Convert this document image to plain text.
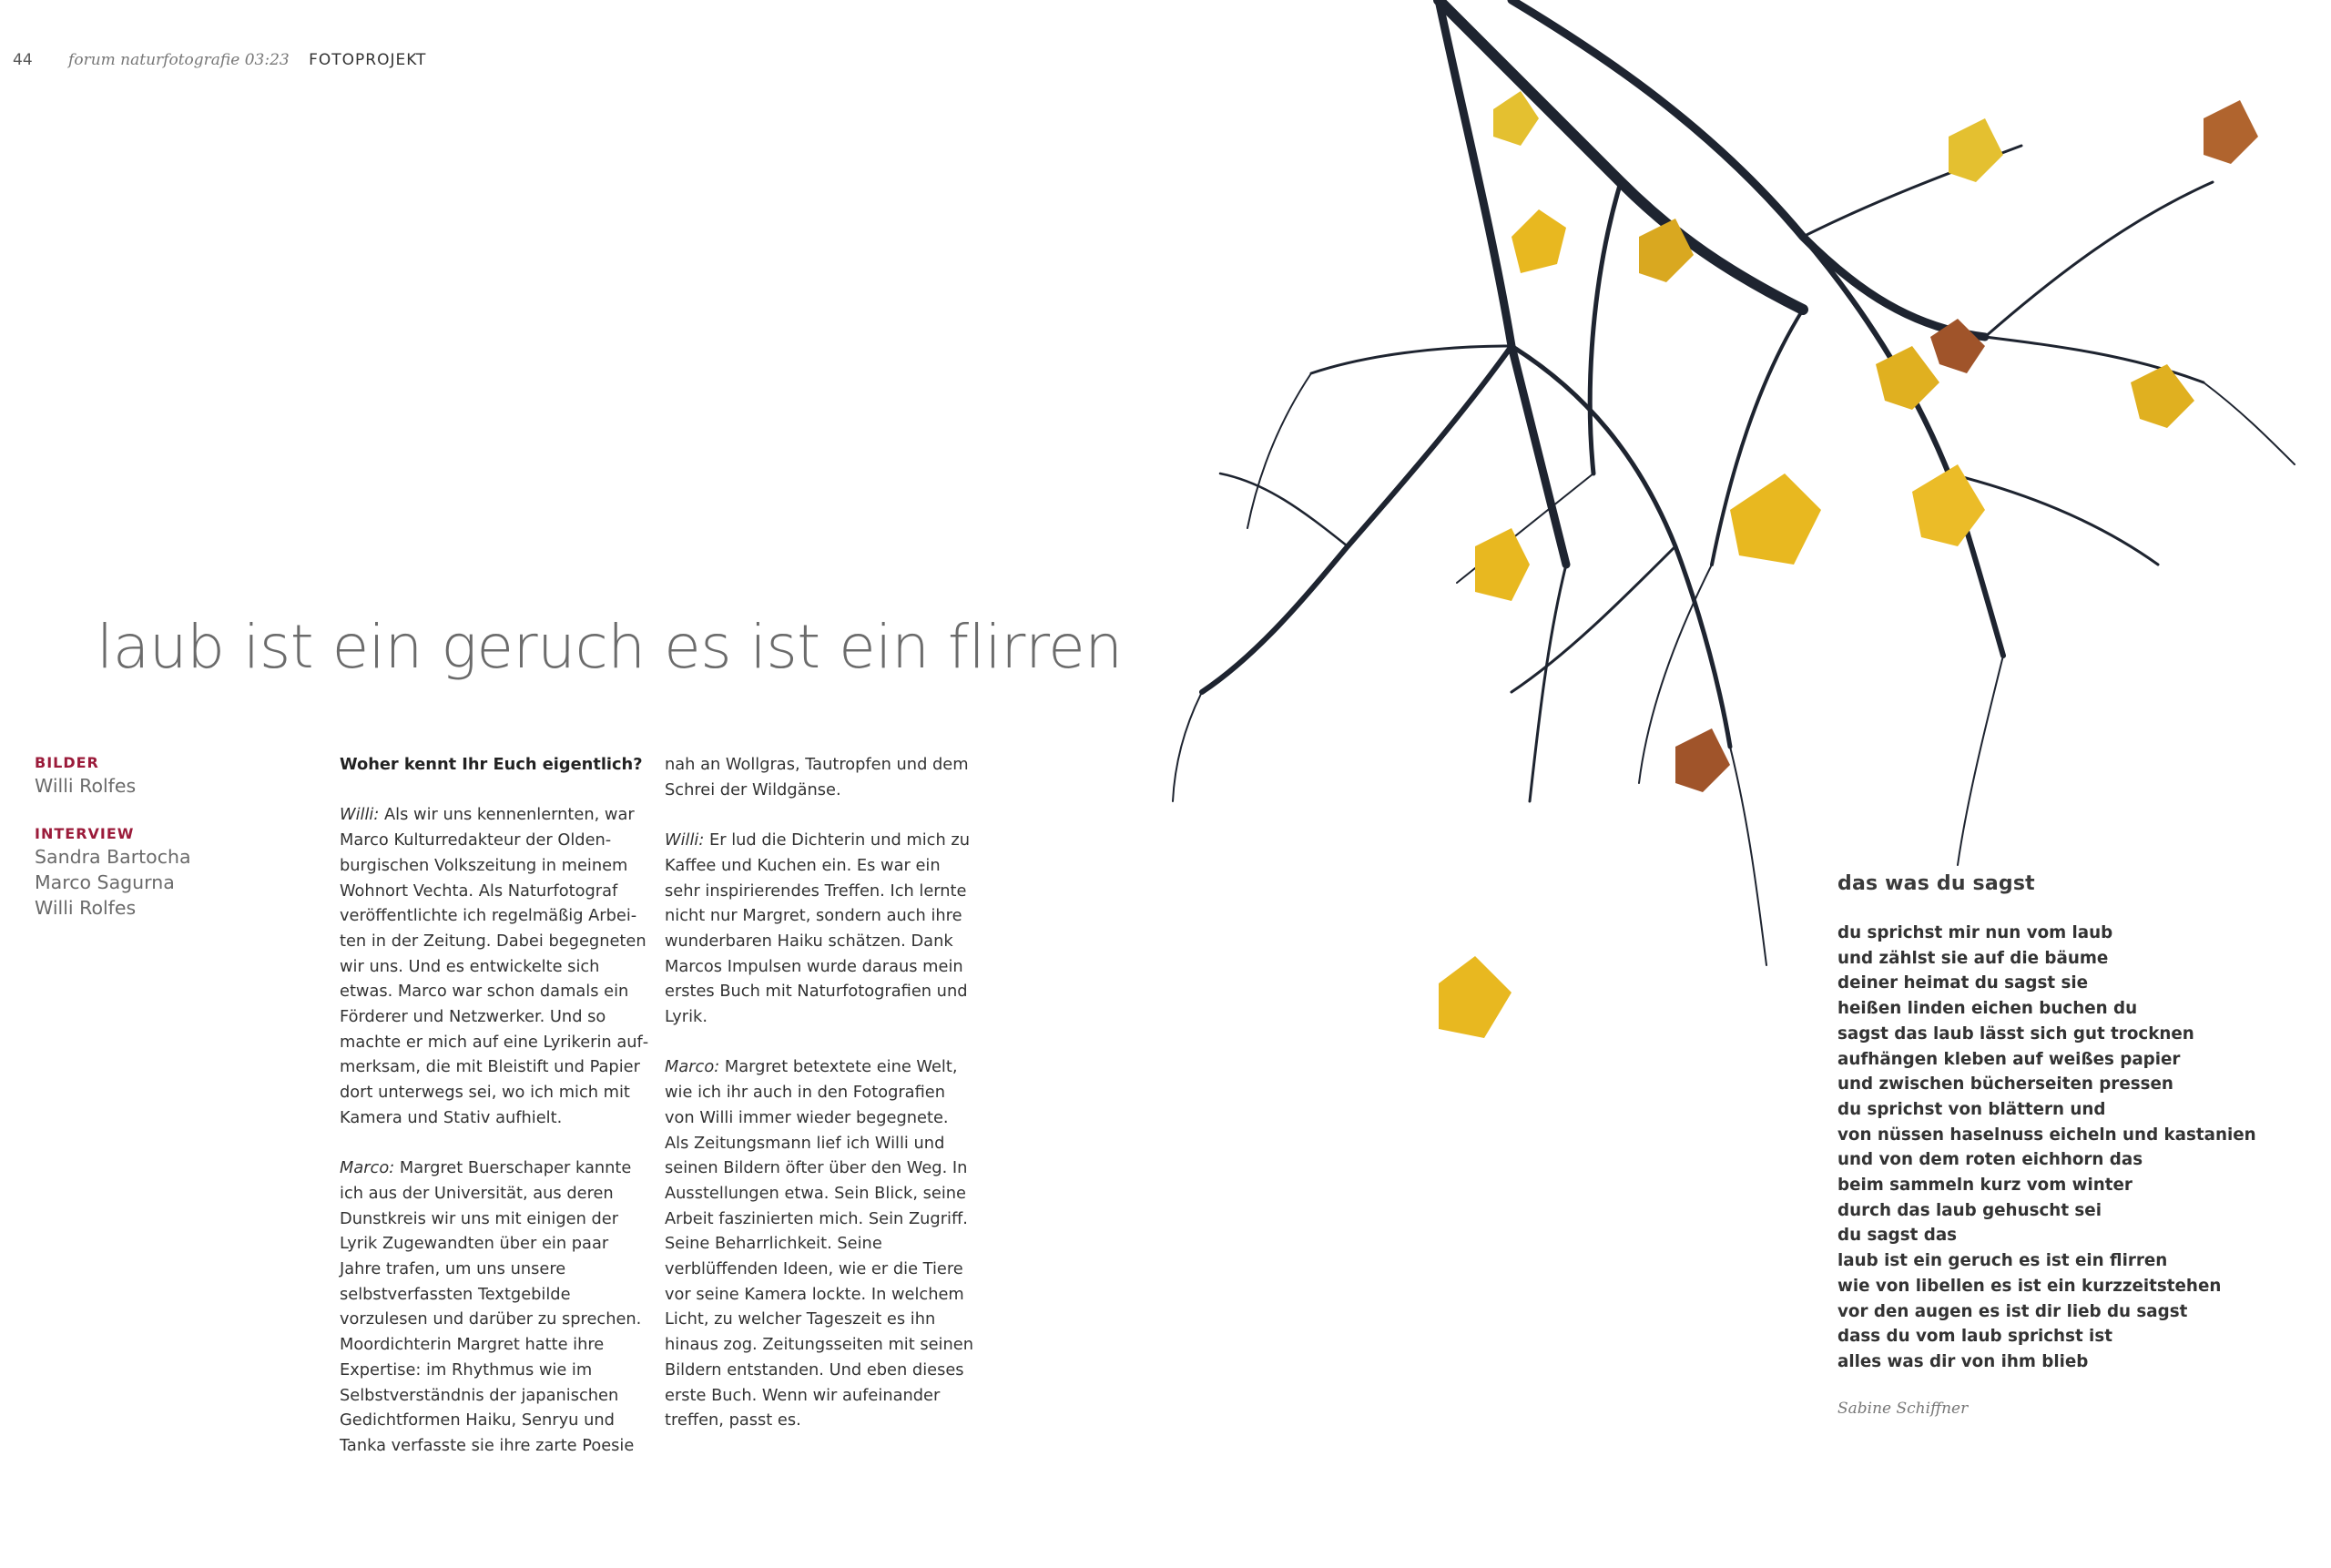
44 forum naturfotografie 03:23 FOTOPROJEKT
laub ist ein geruch es ist ein flirren
BILDER
Willi Rolfes
INTERVIEW
Sandra Bartocha
Marco Sagurna
Willi Rolfes

Woher kennt Ihr Euch eigentlich?

Willi: Als wir uns kennenlernten, war Marco Kulturredakteur der Oldenburgischen Volkszeitung in meinem Wohnort Vechta. Als Naturfotograf veröffentlichte ich regelmäßig Arbeiten in der Zeitung. Dabei begegneten wir uns. Und es entwickelte sich etwas. Marco war schon damals ein Förderer und Netzwerker. Und so machte er mich auf eine Lyrikerin aufmerksam, die mit Bleistift und Papier dort unterwegs sei, wo ich mich mit Kamera und Stativ aufhielt.

Marco: Margret Buerschaper kannte ich aus der Universität, aus deren Dunstkreis wir uns mit einigen der Lyrik Zugewandten über ein paar Jahre trafen, um uns unsere selbstverfassten Textgebilde vorzulesen und darüber zu sprechen. Moordichterin Margret hatte ihre Expertise: im Rhythmus wie im Selbstverständnis der japanischen Gedichtformen Haiku, Senryu und Tanka verfasste sie ihre zarte Poesie

nah an Wollgras, Tautropfen und dem Schrei der Wildgänse.

Willi: Er lud die Dichterin und mich zu Kaffee und Kuchen ein. Es war ein sehr inspirierendes Treffen. Ich lernte nicht nur Margret, sondern auch ihre wunderbaren Haiku schätzen. Dank Marcos Impulsen wurde daraus mein erstes Buch mit Naturfotografien und Lyrik.

Marco: Margret betextete eine Welt, wie ich ihr auch in den Fotografien von Willi immer wieder begegnete. Als Zeitungsmann lief ich Willi und seinen Bildern öfter über den Weg. In Ausstellungen etwa. Sein Blick, seine Arbeit faszinierten mich. Sein Zugriff. Seine Beharrlichkeit. Seine verblüffenden Ideen, wie er die Tiere vor seine Kamera lockte. In welchem Licht, zu welcher Tageszeit es ihn hinaus zog. Zeitungsseiten mit seinen Bildern entstanden. Und eben dieses erste Buch. Wenn wir aufeinander treffen, passt es.

das was du sagst
du sprichst mir nun vom laub
und zählst sie auf die bäume
deiner heimat du sagst sie
heißen linden eichen buchen du
sagst das laub lässt sich gut trocknen
aufhängen kleben auf weißes papier
und zwischen bücherseiten pressen
du sprichst von blättern und
von nüssen haselnuss eicheln und kastanien
und von dem roten eichhorn das
beim sammeln kurz vom winter
durch das laub gehuscht sei
du sagst das
laub ist ein geruch es ist ein flirren
wie von libellen es ist ein kurzzeitstehen
vor den augen es ist dir lieb du sagst
dass du vom laub sprichst ist
alles was dir von ihm blieb
Sabine Schiffner
